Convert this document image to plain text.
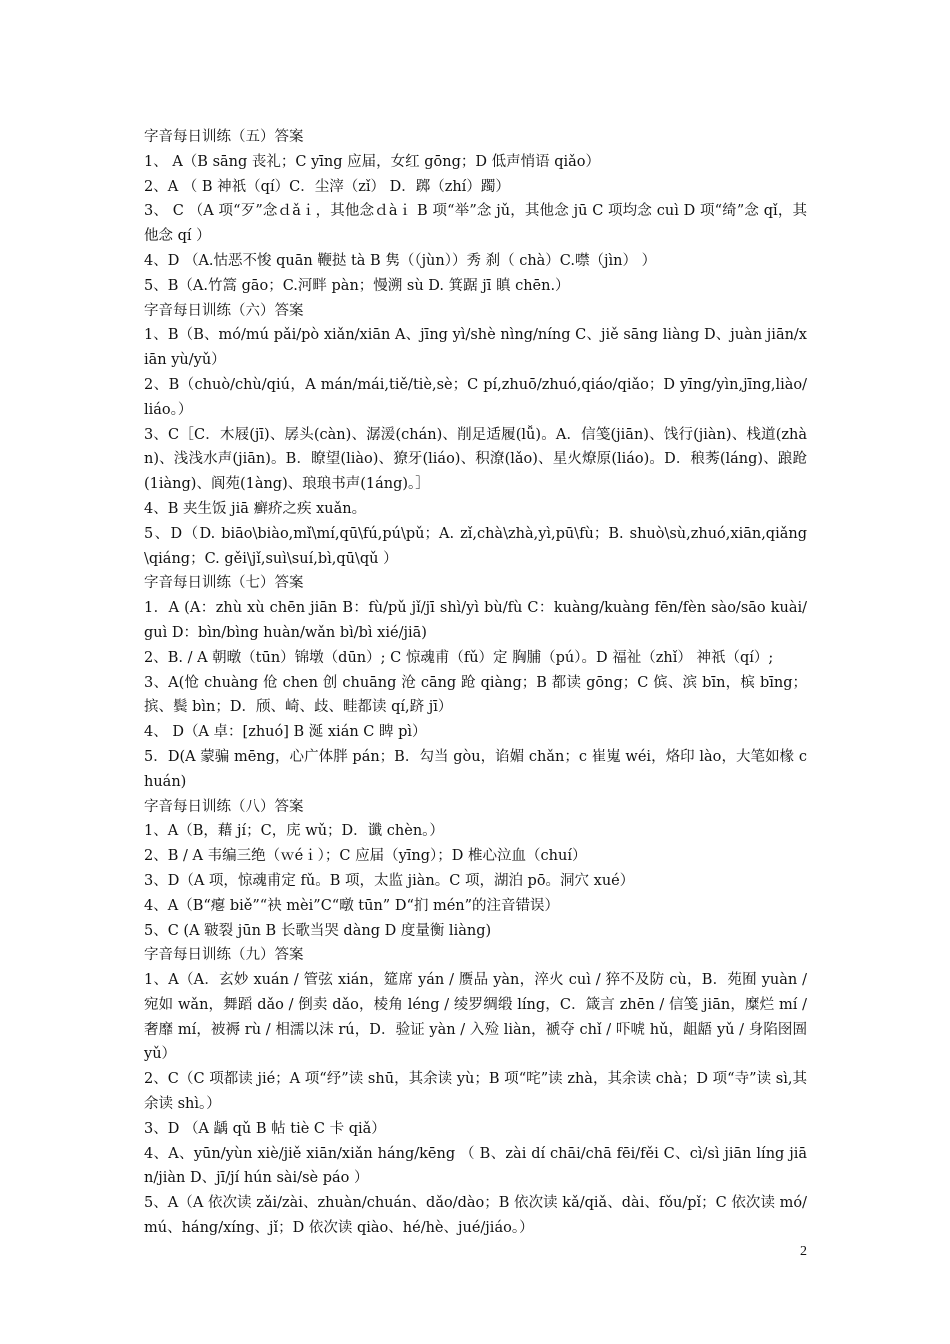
字音每日训练（五）答案

1、 A（B sāng 丧礼；C yīng 应届，女红 gōng；D 低声悄语 qiǎo）

2、A （ B 神祇（qí）C．尘滓（zǐ） D．踯（zhí）躅）

3、 C （A 项“歹”念ｄǎｉ，其他念ｄàｉ B 项“举”念 jǔ，其他念 jū C 项均念 cuì D 项“绮”念 qǐ，其他念 qí ）

4、D （A.怙恶不悛 quān 鞭挞 tà B 隽（（jùn））秀 刹（ chà）C.噤（jìn） ）

5、B（A.竹篙 gāo；C.河畔 pàn；慢溯 sù D. 箕踞 jī 瞋 chēn.）

字音每日训练（六）答案

1、B（B、mó/mú pǎi/pò xiǎn/xiān A、jīng yì/shè nìng/níng C、jiě sāng liàng D、juàn jiān/xiān yù/yǔ）

2、B（chuò/chù/qiú，A mán/mái,tiě/tiè,sè；C pí,zhuō/zhuó,qiáo/qiǎo；D yīng/yìn,jīng,liào/liáo。）

3、C［C．木屐(jī)、孱头(càn)、潺湲(chán)、削足适履(lǚ)。A．信笺(jiān)、饯行(jiàn)、栈道(zhàn)、浅浅水声(jiān)。B．瞭望(liào)、獠牙(liáo)、积潦(lǎo)、星火燎原(liáo)。D．稂莠(láng)、踉跄(1iàng)、阆苑(1àng)、琅琅书声(1áng)。］

4、B 夹生饭 jiā 癣疥之疾 xuǎn。

5、D（D. biāo\biào,mǐ\mí,qū\fú,pú\pǔ；A. zǐ,chà\zhà,yì,pū\fù；B. shuò\sù,zhuó,xiān,qiǎng\qiáng；C. gěi\jǐ,suì\suí,bì,qū\qǔ ）

字音每日训练（七）答案

1．A (A：zhù xù chēn jiān B：fù/pǔ jǐ/jī shì/yì bù/fù C：kuàng/kuàng fēn/fèn sào/sāo kuài/guì D：bìn/bìng huàn/wǎn bì/bì xié/jiā)

2、B. / A 朝暾（tūn）锦墩（dūn）; C 惊魂甫（fǔ）定 胸脯（pú）。D 福祉（zhǐ） 神祇（qí）;

3、A(怆 chuàng 伧 chen 创 chuāng 沧 cāng 跄 qiàng；B 都读 gōng；C 傧、滨 bīn，槟 bīng；摈、鬓 bìn；D．颀、崎、歧、畦都读 qí,跻 jī）

4、 D（A 卓：[zhuó] B 涎 xián C 睥 pì）

5．D(A 蒙骗 mēng，心广体胖 pán；B．勾当 gòu，谄媚 chǎn；c 崔嵬 wéi，烙印 lào，大笔如椽 chuán)

字音每日训练（八）答案

1、A（B，藉 jí；C，庑 wǔ；D．谶 chèn。）

2、B / A 韦编三绝（ｗéｉ）；C 应届（yīng）；D 椎心泣血（chuí）

3、D（A 项，惊魂甫定 fǔ。B 项，太监 jiàn。C 项，湖泊 pō。洞穴 xué）

4、A（B“瘪 biě”“袂 mèi”C“暾 tūn” D“扪 mén”的注音错误）

5、C (A 皲裂 jūn B 长歌当哭 dàng D 度量衡 liàng)

字音每日训练（九）答案

1、A（A．玄妙 xuán / 管弦 xián，筵席 yán / 赝品 yàn，淬火 cuì / 猝不及防 cù，B．苑囿 yuàn / 宛如 wǎn，舞蹈 dǎo / 倒卖 dǎo，棱角 léng / 绫罗绸缎 líng，C．箴言 zhēn / 信笺 jiān，糜烂 mí / 奢靡 mí，被褥 rù / 相濡以沫 rú，D．验证 yàn / 入殓 liàn，褫夺 chǐ / 吓唬 hǔ，龃龉 yǔ / 身陷囹圄 yǔ）

2、C（C 项都读 jié；A 项“纾”读 shū，其余读 yù；B 项“咤”读 zhà，其余读 chà；D 项“寺”读 sì,其余读 shì。）

3、D （A 龋 qǔ B 帖 tiè C 卡 qiǎ）

4、A、yūn/yùn xiè/jiě xiān/xiǎn háng/kēng （ B、zài dí chāi/chā fēi/fěi C、cì/sì jiān líng jiān/jiàn D、jī/jí hún sài/sè páo ）

5、A（A 依次读 zǎi/zài、zhuàn/chuán、dǎo/dào；B 依次读 kǎ/qiǎ、dài、fǒu/pǐ；C 依次读 mó/mú、háng/xíng、jǐ；D 依次读 qiào、hé/hè、jué/jiáo。）

2
